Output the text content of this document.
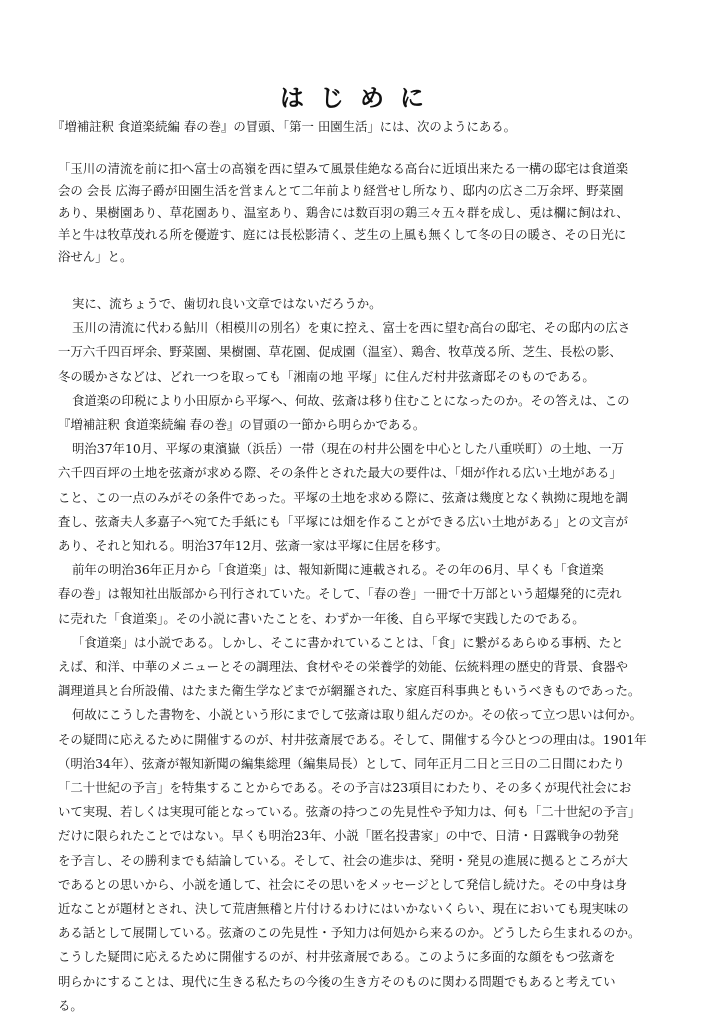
はじめに

『増補註釈 食道楽続編 春の巻』の冒頭、「第一 田園生活」には、次のようにある。

「玉川の清流を前に扣へ富士の高嶺を西に望みて風景佳絶なる高台に近頃出来たる一構の邸宅は食道楽

会の 会長 広海子爵が田園生活を営まんとて二年前より経営せし所なり、邸内の広さ二万余坪、野菜園

あり、果樹園あり、草花園あり、温室あり、鶏舎には数百羽の鶏三々五々群を成し、兎は欄に飼はれ、

羊と牛は牧草茂れる所を優遊す、庭には長松影清く、芝生の上風も無くして冬の日の暖さ、その日光に

浴せん」と。

実に、流ちょうで、歯切れ良い文章ではないだろうか。

玉川の清流に代わる鮎川（相模川の別名）を東に控え、富士を西に望む高台の邸宅、その邸内の広さ

一万六千四百坪余、野菜園、果樹園、草花園、促成園（温室）、鶏舎、牧草茂る所、芝生、長松の影、

冬の暖かさなどは、どれ一つを取っても「湘南の地 平塚」に住んだ村井弦斎邸そのものである。

食道楽の印税により小田原から平塚へ、何故、弦斎は移り住むことになったのか。その答えは、この

『増補註釈 食道楽続編 春の巻』の冒頭の一節から明らかである。

明治37年10月、平塚の東濱嶽（浜岳）一帯（現在の村井公園を中心とした八重咲町）の土地、一万

六千四百坪の土地を弦斎が求める際、その条件とされた最大の要件は、「畑が作れる広い土地がある」

こと、この一点のみがその条件であった。平塚の土地を求める際に、弦斎は幾度となく執拗に現地を調

査し、弦斎夫人多嘉子へ宛てた手紙にも「平塚には畑を作ることができる広い土地がある」との文言が

あり、それと知れる。明治37年12月、弦斎一家は平塚に住居を移す。

前年の明治36年正月から「食道楽」は、報知新聞に連載される。その年の6月、早くも「食道楽

春の巻」は報知社出版部から刊行されていた。そして、「春の巻」一冊で十万部という超爆発的に売れ

に売れた「食道楽」。その小説に書いたことを、わずか一年後、自ら平塚で実践したのである。

「食道楽」は小説である。しかし、そこに書かれていることは、「食」に繋がるあらゆる事柄、たと

えば、和洋、中華のメニューとその調理法、食材やその栄養学的効能、伝統料理の歴史的背景、食器や

調理道具と台所設備、はたまた衛生学などまでが網羅された、家庭百科事典ともいうべきものであった。

何故にこうした書物を、小説という形にまでして弦斎は取り組んだのか。その依って立つ思いは何か。

その疑問に応えるために開催するのが、村井弦斎展である。そして、開催する今ひとつの理由は。1901年

（明治34年）、弦斎が報知新聞の編集総理（編集局長）として、同年正月二日と三日の二日間にわたり

「二十世紀の予言」を特集することからである。その予言は23項目にわたり、その多くが現代社会にお

いて実現、若しくは実現可能となっている。弦斎の持つこの先見性や予知力は、何も「二十世紀の予言」

だけに限られたことではない。早くも明治23年、小説「匿名投書家」の中で、日清・日露戦争の勃発

を予言し、その勝利までも結論している。そして、社会の進歩は、発明・発見の進展に拠るところが大

であるとの思いから、小説を通して、社会にその思いをメッセージとして発信し続けた。その中身は身

近なことが題材とされ、決して荒唐無稽と片付けるわけにはいかないくらい、現在においても現実味の

ある話として展開している。弦斎のこの先見性・予知力は何処から来るのか。どうしたら生まれるのか。

こうした疑問に応えるために開催するのが、村井弦斎展である。このように多面的な顔をもつ弦斎を

明らかにすることは、現代に生きる私たちの今後の生き方そのものに関わる問題でもあると考えてい

る。
